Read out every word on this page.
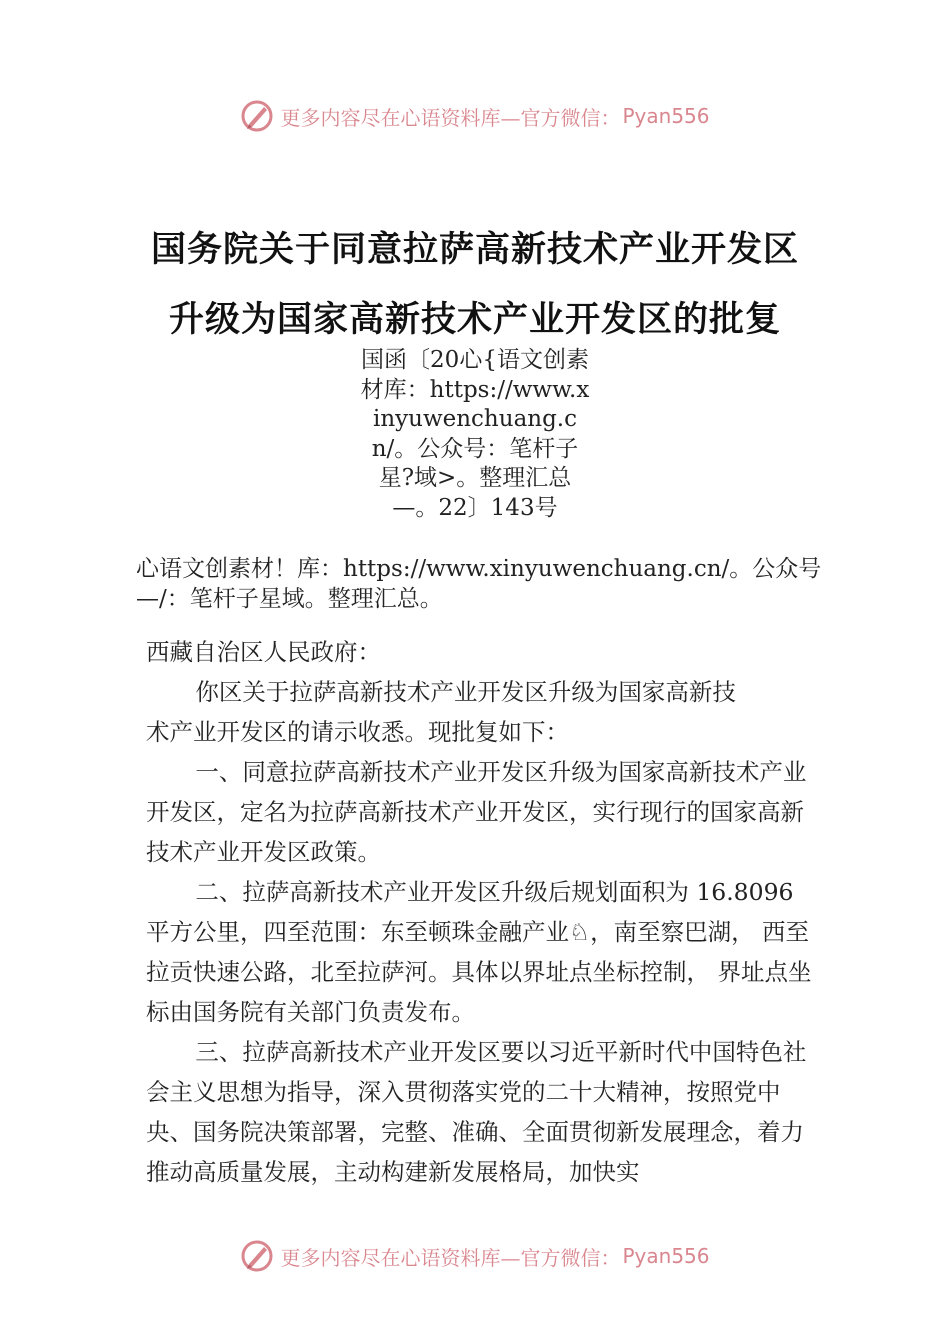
更多内容尽在心语资料库—官方微信： Pyan556
国务院关于同意拉萨高新技术产业开发区
升级为国家高新技术产业开发区的批复
国函〔20心{语文创素材库：https://www.xinyuwenchuang.cn/。公众号：笔杆子星?域>。整理汇总—。22〕143号
心语文创素材！库：https://www.xinyuwenchuang.cn/。公众号—/：笔杆子星域。整理汇总。

西藏自治区人民政府：

你区关于拉萨高新技术产业开发区升级为国家高新技
术产业开发区的请示收悉。现批复如下：

一、同意拉萨高新技术产业开发区升级为国家高新技术产业开发区，定名为拉萨高新技术产业开发区，实行现行的国家高新技术产业开发区政策。

二、拉萨高新技术产业开发区升级后规划面积为 16.8096 平方公里，四至范围：东至顿珠金融产业♘，南至察巴湖， 西至拉贡快速公路，北至拉萨河。具体以界址点坐标控制， 界址点坐标由国务院有关部门负责发布。

三、拉萨高新技术产业开发区要以习近平新时代中国特色社会主义思想为指导，深入贯彻落实党的二十大精神，按照党中央、国务院决策部署，完整、准确、全面贯彻新发展理念，着力推动高质量发展，主动构建新发展格局，加快实

更多内容尽在心语资料库—官方微信： Pyan556
